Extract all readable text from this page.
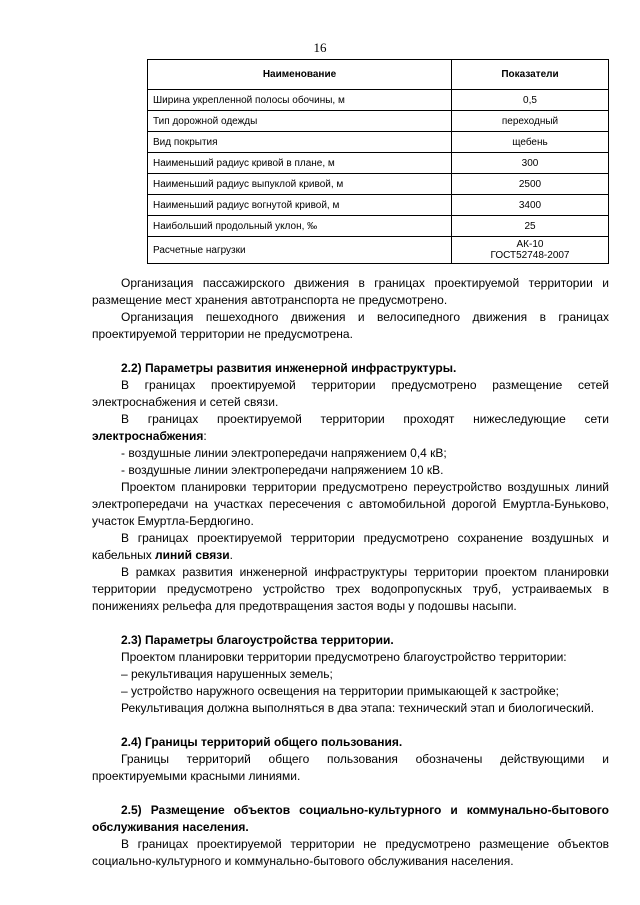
16
Наименование	Показатели
Ширина укрепленной полосы обочины, м	0,5
Тип дорожной одежды	переходный
Вид покрытия	щебень
Наименьший радиус кривой в плане, м	300
Наименьший радиус выпуклой кривой, м	2500
Наименьший радиус вогнутой кривой, м	3400
Наибольший продольный уклон, ‰	25
Расчетные нагрузки	АК-10
ГОСТ52748-2007

Организация пассажирского движения в границах проектируемой территории и размещение мест хранения автотранспорта не предусмотрено.

Организация пешеходного движения и велосипедного движения в границах проектируемой территории не предусмотрена.

2.2) Параметры развития инженерной инфраструктуры.

В границах проектируемой территории предусмотрено размещение сетей электроснабжения и сетей связи.

В границах проектируемой территории проходят нижеследующие сети электроснабжения:

- воздушные линии электропередачи напряжением 0,4 кВ;

- воздушные линии электропередачи напряжением 10 кВ.

Проектом планировки территории предусмотрено переустройство воздушных линий электропередачи на участках пересечения с автомобильной дорогой Емуртла-Буньково, участок Емуртла-Бердюгино.

В границах проектируемой территории предусмотрено сохранение воздушных и кабельных линий связи.

В рамках развития инженерной инфраструктуры территории проектом планировки территории предусмотрено устройство трех водопропускных труб, устраиваемых в понижениях рельефа для предотвращения застоя воды у подошвы насыпи.

2.3) Параметры благоустройства территории.

Проектом планировки территории предусмотрено благоустройство территории:

– рекультивация нарушенных земель;

– устройство наружного освещения на территории примыкающей к застройке;

Рекультивация должна выполняться в два этапа: технический этап и биологический.

2.4) Границы территорий общего пользования.

Границы территорий общего пользования обозначены действующими и проектируемыми красными линиями.

2.5) Размещение объектов социально-культурного и коммунально-бытового обслуживания населения.

В границах проектируемой территории не предусмотрено размещение объектов социально-культурного и коммунально-бытового обслуживания населения.
